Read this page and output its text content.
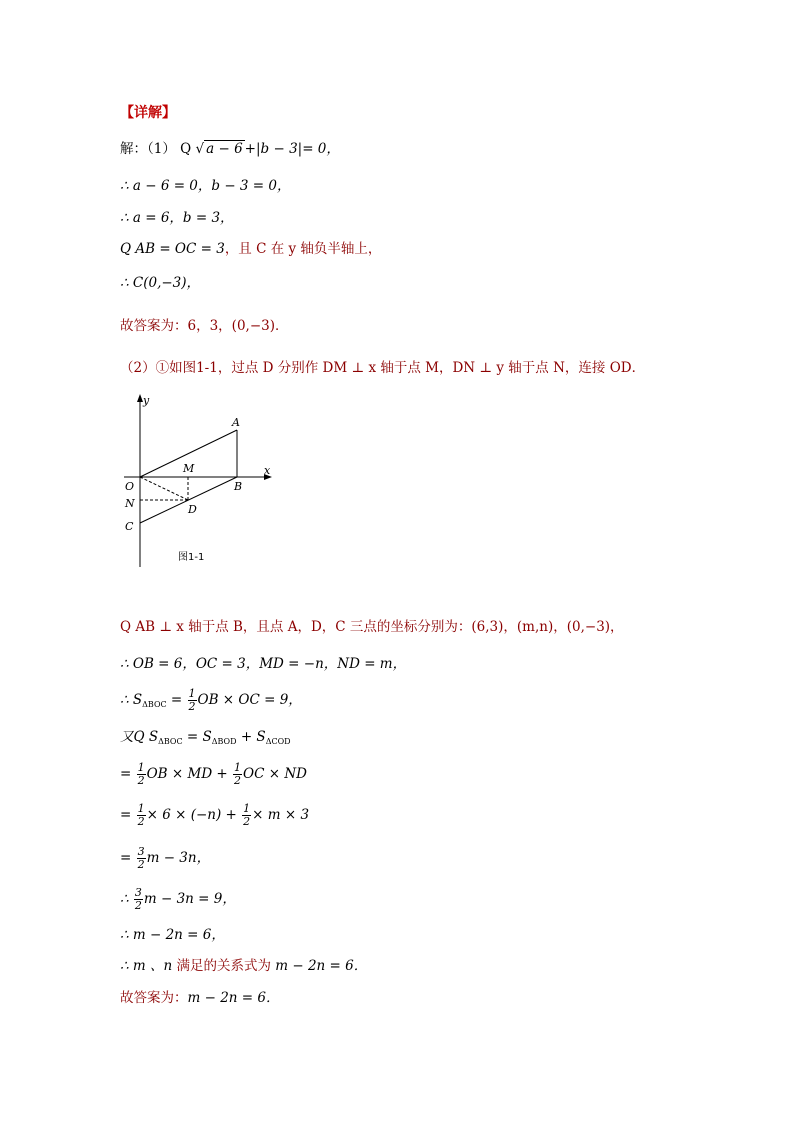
【详解】
解：（1） Q √ a − 6 +|b − 3|= 0，
∴ a − 6 = 0，b − 3 = 0，
∴ a = 6，b = 3，
Q AB = OC = 3，且 C 在 y 轴负半轴上，
∴ C(0,−3)，
故答案为：6，3，(0,−3)．
（2）①如图1-1，过点 D 分别作 DM ⊥ x 轴于点 M，DN ⊥ y 轴于点 N，连接 OD．
y
x
A
B
M
O
N	D
C
图1-1
Q AB ⊥ x 轴于点 B，且点 A，D，C 三点的坐标分别为：(6,3)，(m,n)，(0,−3)，
∴ OB = 6，OC = 3，MD = −n，ND = m，
∴ $S_{\Delta BOC} = \frac{1}{2}$ OB × OC = 9，
又Q $S_{\Delta BOC} = S_{\Delta BOD} + S_{\Delta COD}$
= $\frac{1}{2}$ OB × MD + $\frac{1}{2}$ OC × ND
= $\frac{1}{2} \times 6 \times (-n) + \frac{1}{2} \times m \times 3$
= $\frac{3}{2}$ m − 3n，
∴ $\frac{3}{2}$ m − 3n = 9，
∴ m − 2n = 6，
∴ m 、n 满足的关系式为 m − 2n = 6．
故答案为：m − 2n = 6．
